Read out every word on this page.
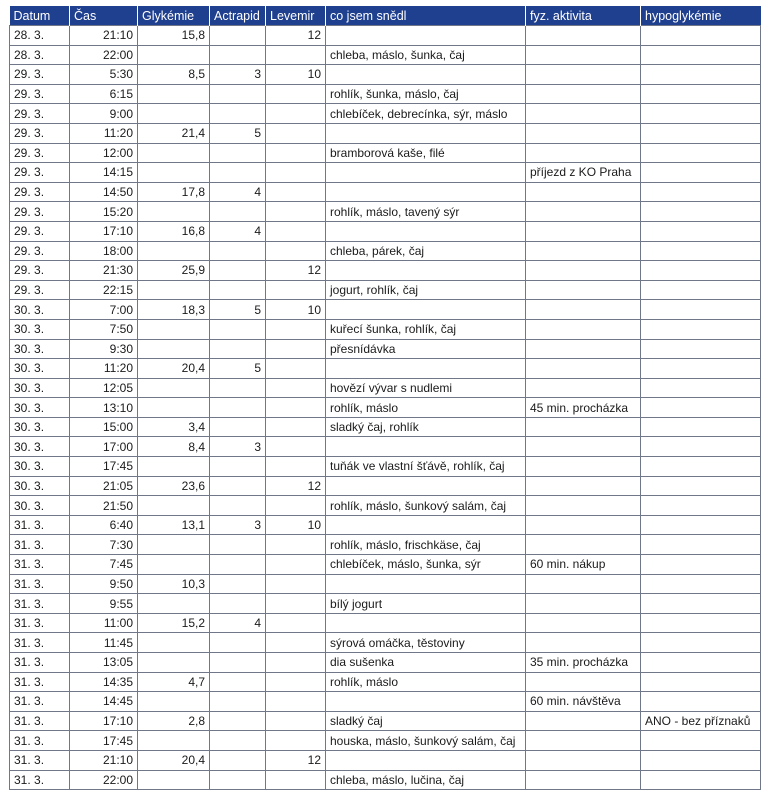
Datum	Čas	Glykémie	Actrapid	Levemir	co jsem snědl	fyz. aktivita	hypoglykémie
28. 3.	21:10	15,8		12			
28. 3.	22:00				chleba, máslo, šunka, čaj		
29. 3.	5:30	8,5	3	10			
29. 3.	6:15				rohlík, šunka, máslo, čaj		
29. 3.	9:00				chlebíček, debrecínka, sýr, máslo		
29. 3.	11:20	21,4	5				
29. 3.	12:00				bramborová kaše, filé		
29. 3.	14:15					příjezd z KO Praha	
29. 3.	14:50	17,8	4				
29. 3.	15:20				rohlík, máslo, tavený sýr		
29. 3.	17:10	16,8	4				
29. 3.	18:00				chleba, párek, čaj		
29. 3.	21:30	25,9		12			
29. 3.	22:15				jogurt, rohlík, čaj		
30. 3.	7:00	18,3	5	10			
30. 3.	7:50				kuřecí šunka, rohlík, čaj		
30. 3.	9:30				přesnídávka		
30. 3.	11:20	20,4	5				
30. 3.	12:05				hovězí vývar s nudlemi		
30. 3.	13:10				rohlík, máslo	45 min. procházka	
30. 3.	15:00	3,4			sladký čaj, rohlík		
30. 3.	17:00	8,4	3				
30. 3.	17:45				tuňák ve vlastní šťávě, rohlík, čaj		
30. 3.	21:05	23,6		12			
30. 3.	21:50				rohlík, máslo, šunkový salám, čaj		
31. 3.	6:40	13,1	3	10			
31. 3.	7:30				rohlík, máslo, frischkäse, čaj		
31. 3.	7:45				chlebíček, máslo, šunka, sýr	60 min. nákup	
31. 3.	9:50	10,3					
31. 3.	9:55				bílý jogurt		
31. 3.	11:00	15,2	4				
31. 3.	11:45				sýrová omáčka, těstoviny		
31. 3.	13:05				dia sušenka	35 min. procházka	
31. 3.	14:35	4,7			rohlík, máslo		
31. 3.	14:45					60 min. návštěva	
31. 3.	17:10	2,8			sladký čaj		ANO - bez příznaků
31. 3.	17:45				houska, máslo, šunkový salám, čaj		
31. 3.	21:10	20,4		12			
31. 3.	22:00				chleba, máslo, lučina, čaj		
